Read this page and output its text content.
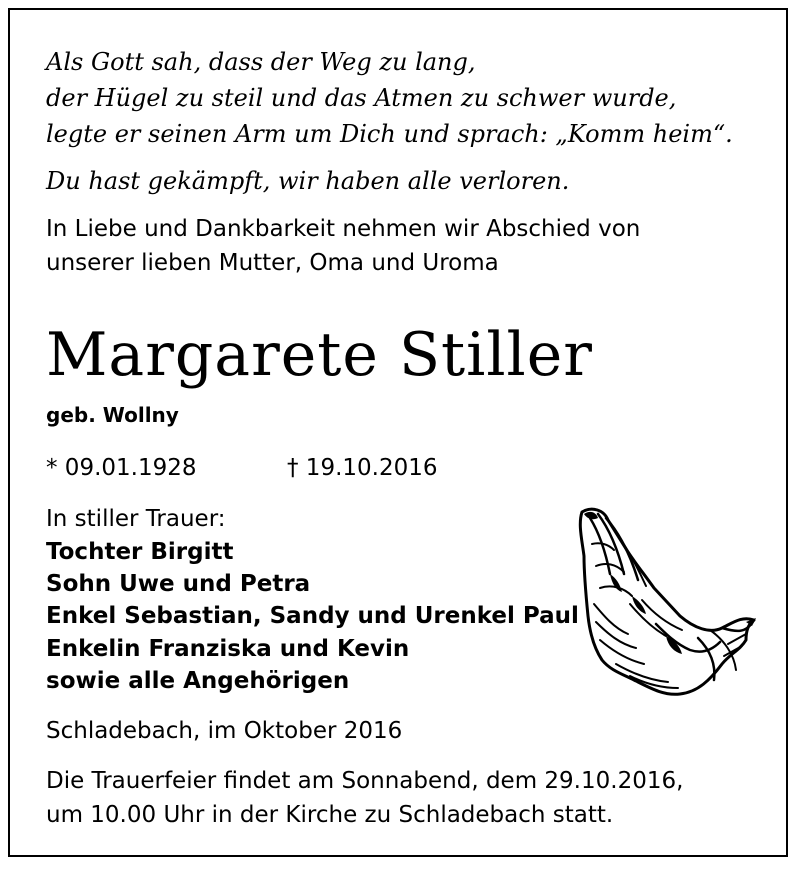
Als Gott sah, dass der Weg zu lang,
der Hügel zu steil und das Atmen zu schwer wurde,
legte er seinen Arm um Dich und sprach: „Komm heim“.
Du hast gekämpft, wir haben alle verloren.
In Liebe und Dankbarkeit nehmen wir Abschied von
unserer lieben Mutter, Oma und Uroma
Margarete Stiller
geb. Wollny
* 09.01.1928	† 19.10.2016
In stiller Trauer:
Tochter Birgitt
Sohn Uwe und Petra
Enkel Sebastian, Sandy und Urenkel Paul
Enkelin Franziska und Kevin
sowie alle Angehörigen
Schladebach, im Oktober 2016
Die Trauerfeier findet am Sonnabend, dem 29.10.2016,
um 10.00 Uhr in der Kirche zu Schladebach statt.
